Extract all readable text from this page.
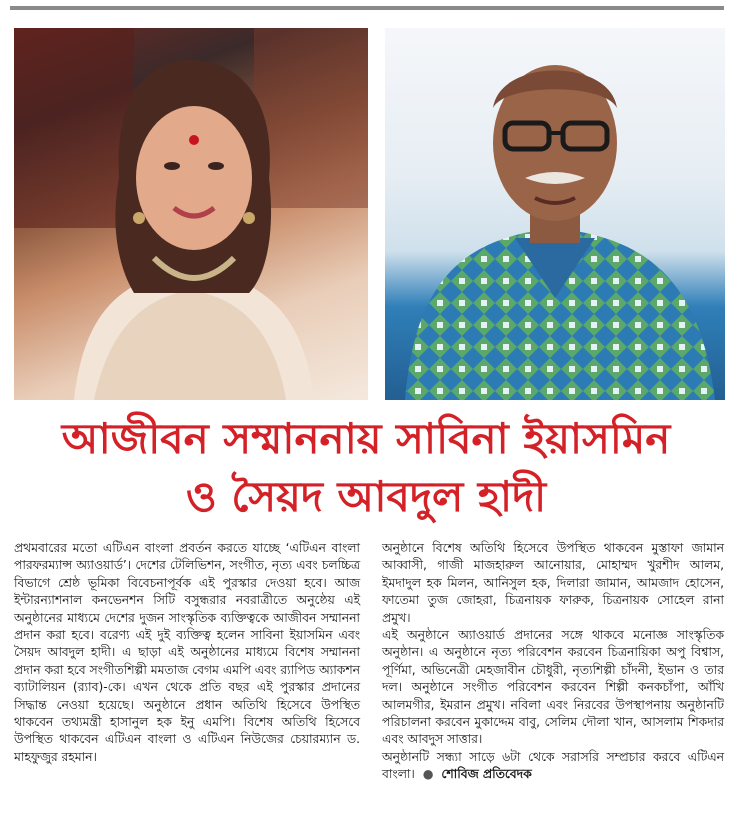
আজীবন সম্মাননায় সাবিনা ইয়াসমিন
ও সৈয়দ আবদুল হাদী

প্রথমবারের মতো এটিএন বাংলা প্রবর্তন করতে যাচ্ছে ‘এটিএন বাংলা পারফরম্যান্স অ্যাওয়ার্ড’। দেশের টেলিভিশন, সংগীত, নৃত্য এবং চলচ্চিত্র বিভাগে শ্রেষ্ঠ ভূমিকা বিবেচনাপূর্বক এই পুরস্কার দেওয়া হবে। আজ ইন্টারন্যাশনাল কনভেনশন সিটি বসুন্ধরার নবরাত্রীতে অনুষ্ঠেয় এই অনুষ্ঠানের মাধ্যমে দেশের দুজন সাংস্কৃতিক ব্যক্তিত্বকে আজীবন সম্মাননা প্রদান করা হবে। বরেণ্য এই দুই ব্যক্তিত্ব হলেন সাবিনা ইয়াসমিন এবং সৈয়দ আবদুল হাদী। এ ছাড়া এই অনুষ্ঠানের মাধ্যমে বিশেষ সম্মাননা প্রদান করা হবে সংগীতশিল্পী মমতাজ বেগম এমপি এবং র‍্যাপিড অ্যাকশন ব্যাটালিয়ন (র‍্যাব)-কে। এখন থেকে প্রতি বছর এই পুরস্কার প্রদানের সিদ্ধান্ত নেওয়া হয়েছে। অনুষ্ঠানে প্রধান অতিথি হিসেবে উপস্থিত থাকবেন তথ্যমন্ত্রী হাসানুল হক ইনু এমপি। বিশেষ অতিথি হিসেবে উপস্থিত থাকবেন এটিএন বাংলা ও এটিএন নিউজের চেয়ারম্যান ড. মাহফুজুর রহমান।

অনুষ্ঠানে বিশেষ অতিথি হিসেবে উপস্থিত থাকবেন মুস্তাফা জামান আব্বাসী, গাজী মাজহারুল আনোয়ার, মোহাম্মদ খুরশীদ আলম, ইমদাদুল হক মিলন, আনিসুল হক, দিলারা জামান, আমজাদ হোসেন, ফাতেমা তুজ জোহরা, চিত্রনায়ক ফারুক, চিত্রনায়ক সোহেল রানা প্রমুখ।

এই অনুষ্ঠানে অ্যাওয়ার্ড প্রদানের সঙ্গে থাকবে মনোজ্ঞ সাংস্কৃতিক অনুষ্ঠান। এ অনুষ্ঠানে নৃত্য পরিবেশন করবেন চিত্রনায়িকা অপু বিশ্বাস, পূর্ণিমা, অভিনেত্রী মেহজাবীন চৌধুরী, নৃত্যশিল্পী চাঁদনী, ইভান ও তার দল। অনুষ্ঠানে সংগীত পরিবেশন করবেন শিল্পী কনকচাঁপা, আঁখি আলমগীর, ইমরান প্রমুখ। নবিলা এবং নিরবের উপস্থাপনায় অনুষ্ঠানটি পরিচালনা করবেন মুকাদ্দেম বাবু, সেলিম দৌলা খান, আসলাম শিকদার এবং আবদুস সাত্তার।

অনুষ্ঠানটি সন্ধ্যা সাড়ে ৬টা থেকে সরাসরি সম্প্রচার করবে এটিএন বাংলা। ● শোবিজ প্রতিবেদক
